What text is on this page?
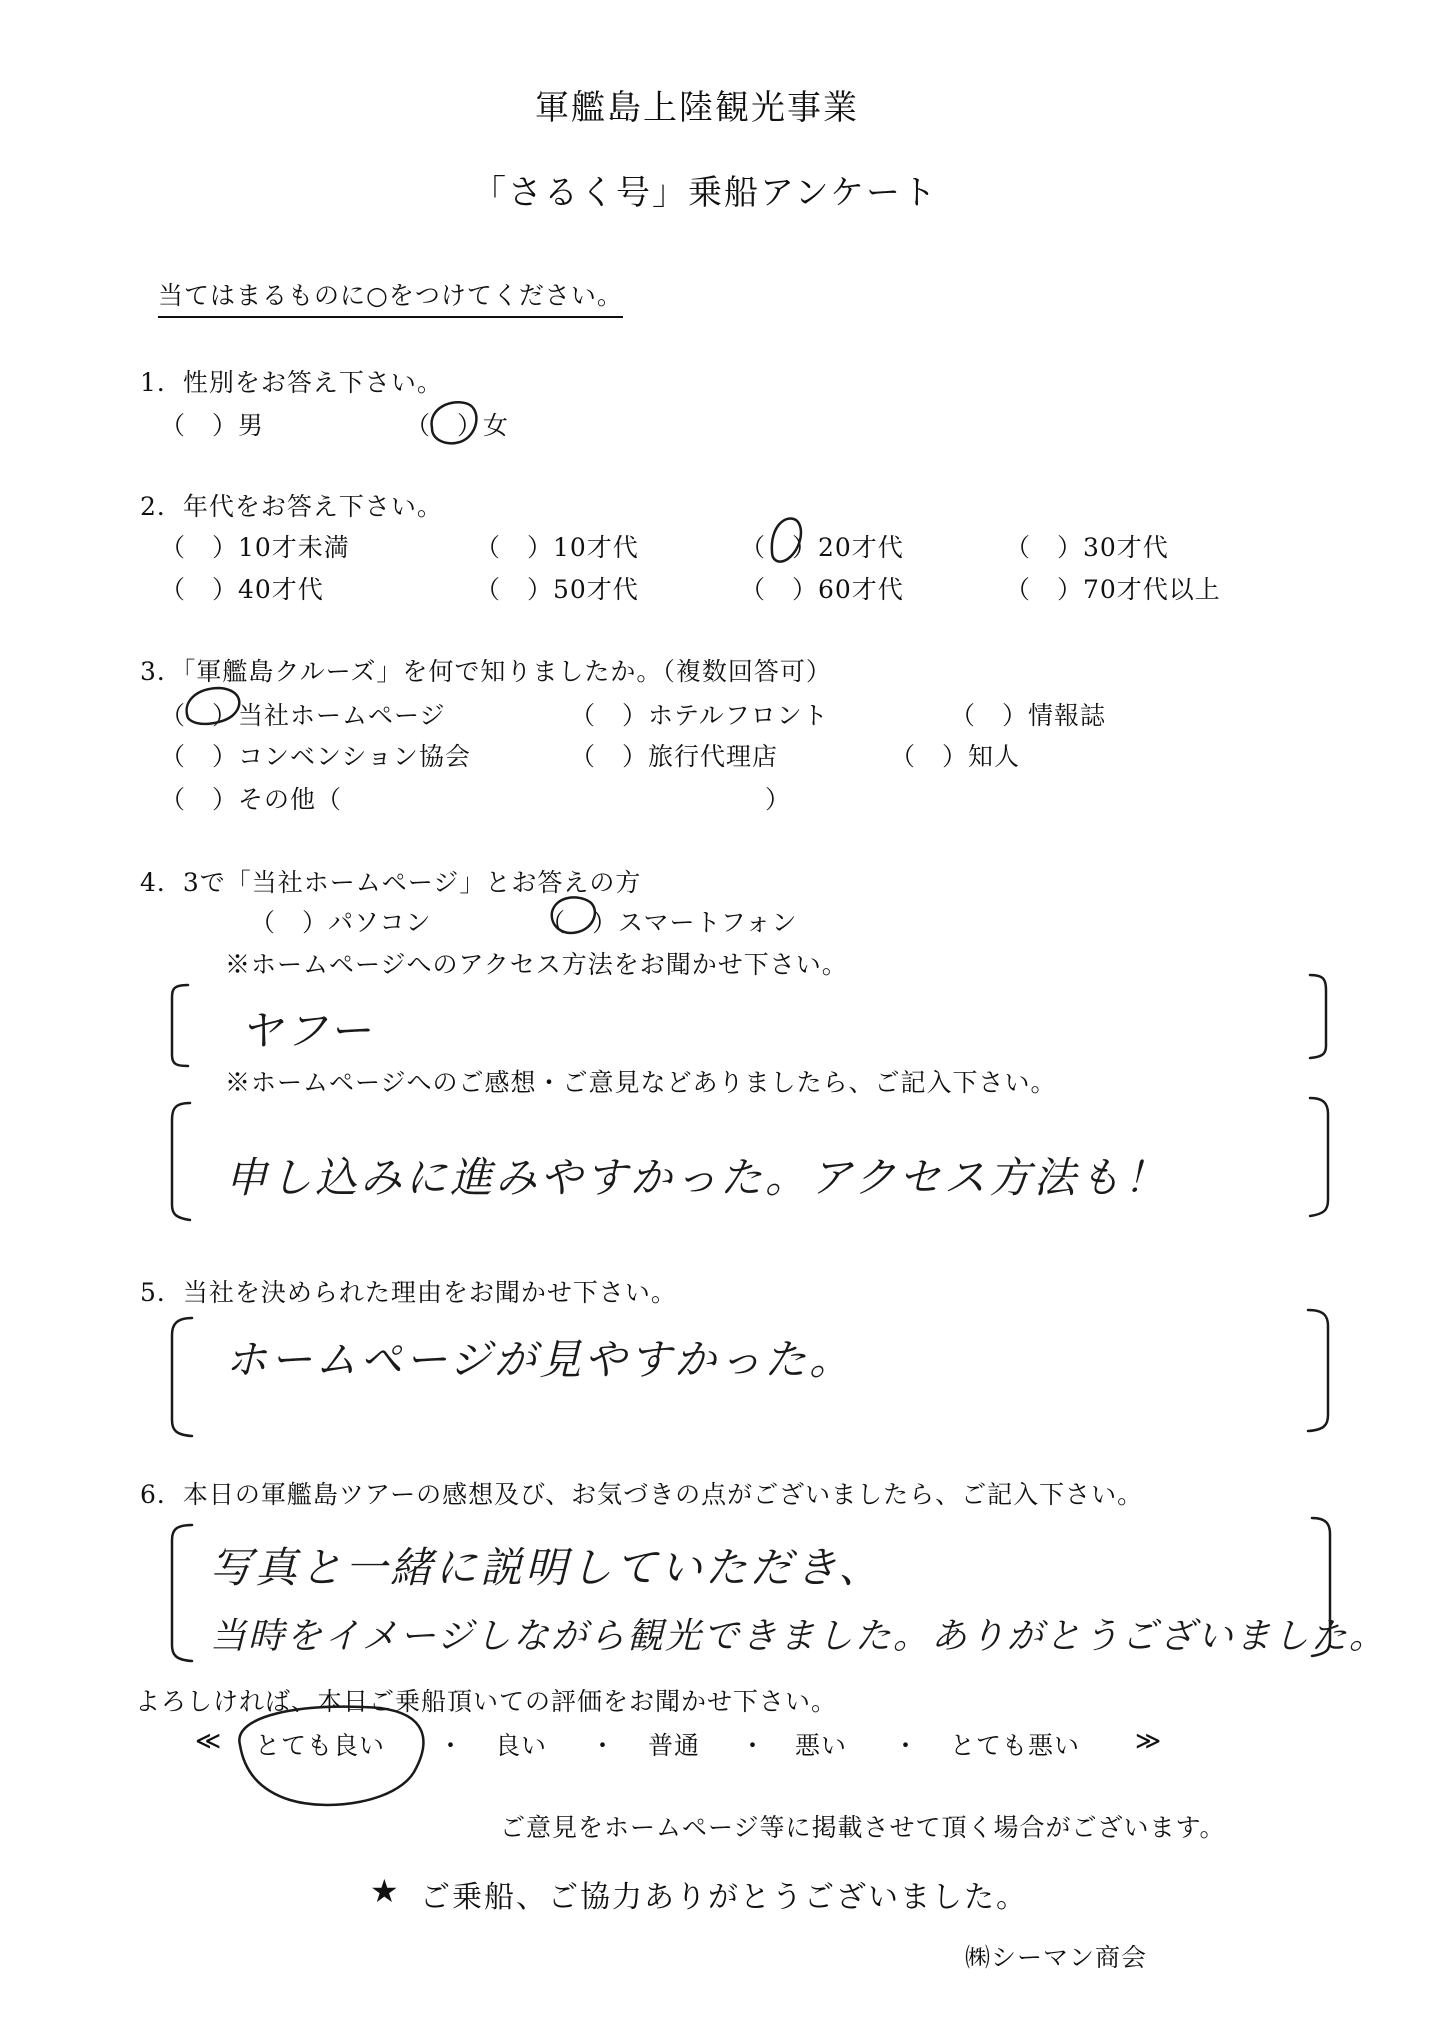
軍艦島上陸観光事業
「さるく号」乗船アンケート
当てはまるものに○をつけてください。
1．性別をお答え下さい。
（　）男	（　）女
2．年代をお答え下さい。
（　）10才未満	（　）10才代	（　）20才代	（　）30才代
（　）40才代	（　）50才代	（　）60才代	（　）70才代以上
3．「軍艦島クルーズ」を何で知りましたか。（複数回答可）
（　）当社ホームページ	（　）ホテルフロント	（　）情報誌
（　）コンベンション協会	（　）旅行代理店	（　）知人
（　）その他（	）
4．3で「当社ホームページ」とお答えの方
（　）パソコン	（　）スマートフォン
※ホームページへのアクセス方法をお聞かせ下さい。
ヤフー
※ホームページへのご感想・ご意見などありましたら、ご記入下さい。
申し込みに進みやすかった。アクセス方法も！
5．当社を決められた理由をお聞かせ下さい。
ホームページが見やすかった。
6．本日の軍艦島ツアーの感想及び、お気づきの点がございましたら、ご記入下さい。
写真と一緒に説明していただき、
当時をイメージしながら観光できました。ありがとうございました。
よろしければ、本日ご乗船頂いての評価をお聞かせ下さい。
≪ とても良い ・ 良い ・ 普通 ・ 悪い ・ とても悪い ≫
ご意見をホームページ等に掲載させて頂く場合がございます。
★ ご乗船、ご協力ありがとうございました。
㈱シーマン商会
